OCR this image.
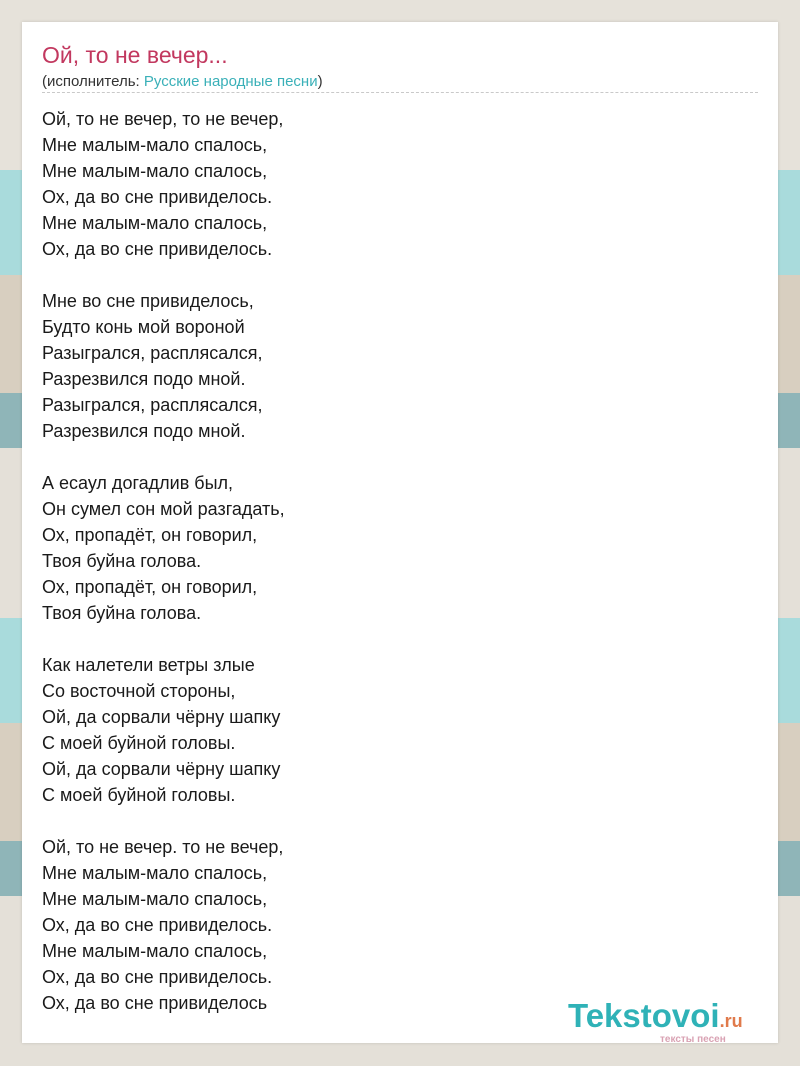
Ой, то не вечер...
(исполнитель: Русские народные песни)
Ой, то не вечер, то не вечер,
Мне малым-мало спалось,
Мне малым-мало спалось,
Ох, да во сне привиделось.
Мне малым-мало спалось,
Ох, да во сне привиделось.
Мне во сне привиделось,
Будто конь мой вороной
Разыгрался, расплясался,
Разрезвился подо мной.
Разыгрался, расплясался,
Разрезвился подо мной.
А есаул догадлив был,
Он сумел сон мой разгадать,
Ох, пропадёт, он говорил,
Твоя буйна голова.
Ох, пропадёт, он говорил,
Твоя буйна голова.
Как налетели ветры злые
Со восточной стороны,
Ой, да сорвали чёрну шапку
С моей буйной головы.
Ой, да сорвали чёрну шапку
С моей буйной головы.
Ой, то не вечер. то не вечер,
Мне малым-мало спалось,
Мне малым-мало спалось,
Ох, да во сне привиделось.
Мне малым-мало спалось,
Ох, да во сне привиделось.
Ох, да во сне привиделось	Tekstovoi.ru
тексты песен
